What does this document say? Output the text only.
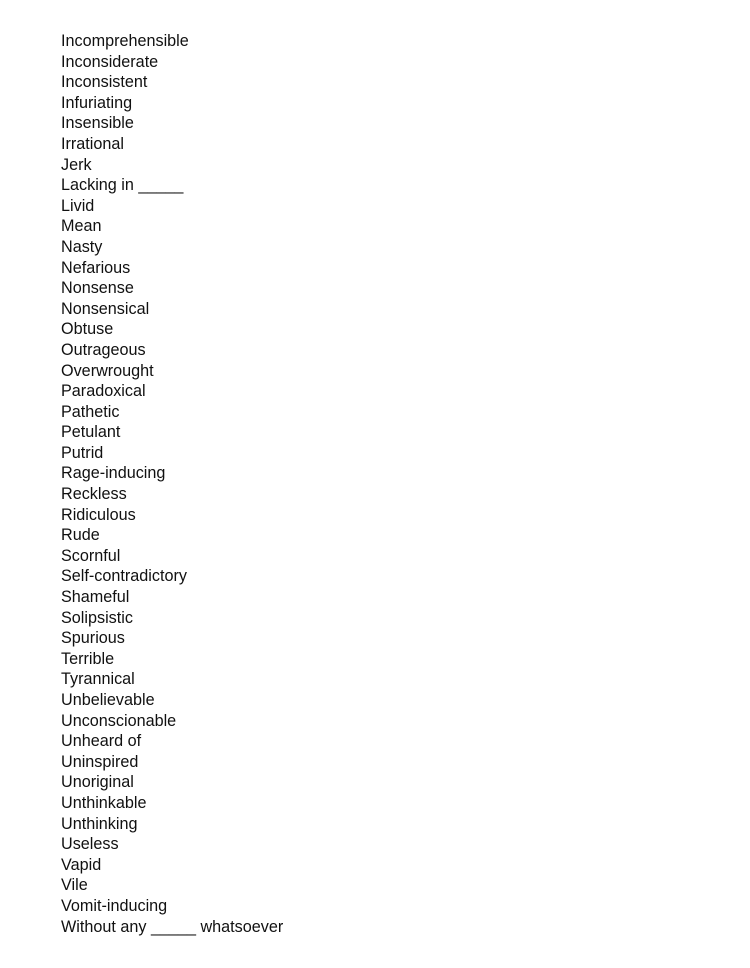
Incomprehensible
Inconsiderate
Inconsistent
Infuriating
Insensible
Irrational
Jerk
Lacking in _____
Livid
Mean
Nasty
Nefarious
Nonsense
Nonsensical
Obtuse
Outrageous
Overwrought
Paradoxical
Pathetic
Petulant
Putrid
Rage-inducing
Reckless
Ridiculous
Rude
Scornful
Self-contradictory
Shameful
Solipsistic
Spurious
Terrible
Tyrannical
Unbelievable
Unconscionable
Unheard of
Uninspired
Unoriginal
Unthinkable
Unthinking
Useless
Vapid
Vile
Vomit-inducing
Without any _____ whatsoever
